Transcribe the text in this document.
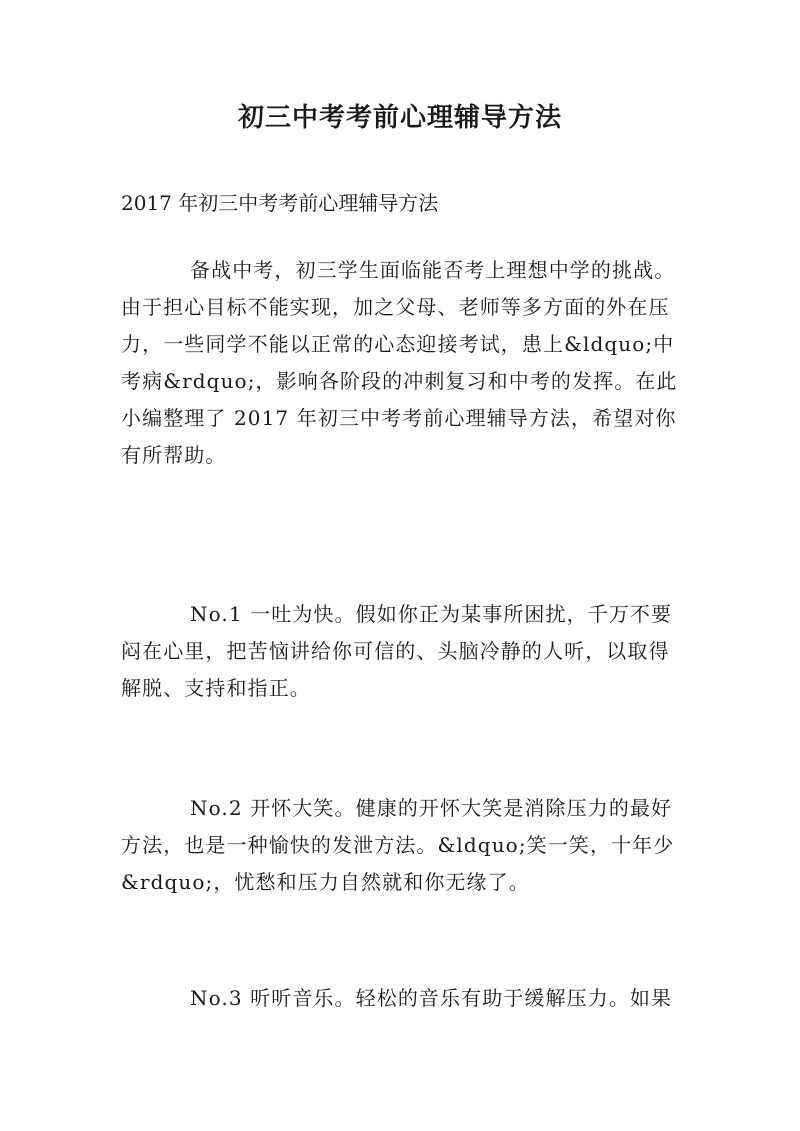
初三中考考前心理辅导方法

2017 年初三中考考前心理辅导方法

备战中考，初三学生面临能否考上理想中学的挑战。
由于担心目标不能实现，加之父母、老师等多方面的外在压
力，一些同学不能以正常的心态迎接考试，患上&ldquo;中
考病&rdquo;，影响各阶段的冲刺复习和中考的发挥。在此
小编整理了 2017 年初三中考考前心理辅导方法，希望对你
有所帮助。
No.1 一吐为快。假如你正为某事所困扰，千万不要
闷在心里，把苦恼讲给你可信的、头脑冷静的人听，以取得
解脱、支持和指正。
No.2 开怀大笑。健康的开怀大笑是消除压力的最好
方法，也是一种愉快的发泄方法。&ldquo;笑一笑，十年少
&rdquo;，忧愁和压力自然就和你无缘了。
No.3 听听音乐。轻松的音乐有助于缓解压力。如果
